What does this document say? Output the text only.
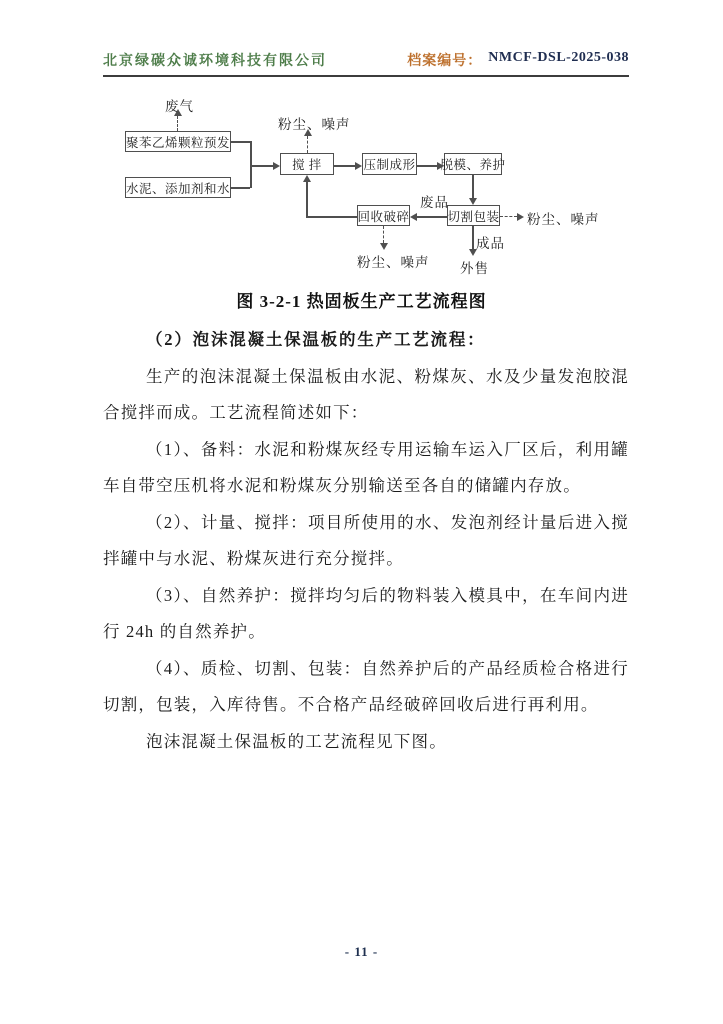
北京绿碳众诚环境科技有限公司	档案编号： NMCF-DSL-2025-038
聚苯乙烯颗粒预发
水泥、添加剂和水
搅 拌	压制成形 脱模、养护
切割包装
回收破碎
废气
粉尘、噪声
粉尘、噪声
粉尘、噪声
废品
成品
外售
图 3-2-1 热固板生产工艺流程图

（2）泡沫混凝土保温板的生产工艺流程：

生产的泡沫混凝土保温板由水泥、粉煤灰、水及少量发泡胶混合搅拌而成。工艺流程简述如下：

（1）、备料：水泥和粉煤灰经专用运输车运入厂区后，利用罐车自带空压机将水泥和粉煤灰分别输送至各自的储罐内存放。

（2）、计量、搅拌：项目所使用的水、发泡剂经计量后进入搅拌罐中与水泥、粉煤灰进行充分搅拌。

（3）、自然养护：搅拌均匀后的物料装入模具中，在车间内进行 24h 的自然养护。

（4）、质检、切割、包装：自然养护后的产品经质检合格进行切割，包装，入库待售。不合格产品经破碎回收后进行再利用。

泡沫混凝土保温板的工艺流程见下图。

- 11 -
